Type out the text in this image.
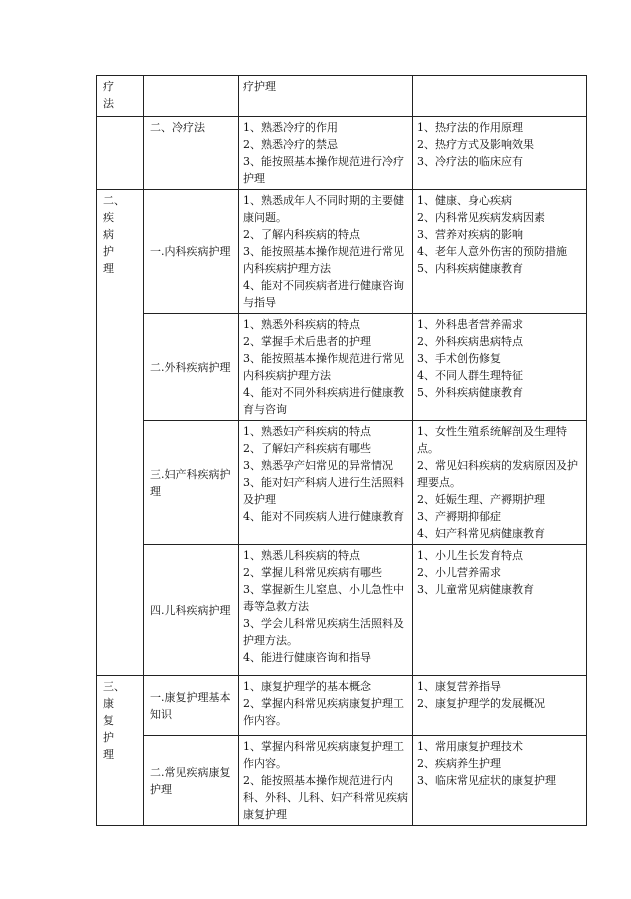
疗
法		疗护理	

	二、冷疗法	1、熟悉冷疗的作用
2、熟悉冷疗的禁忌
3、能按照基本操作规范进行冷疗护理	1、热疗法的作用原理
2、热疗方式及影响效果
3、冷疗法的临床应有

二、
疾
病
护
理	一.内科疾病护理	1、熟悉成年人不同时期的主要健康问题。
2、了解内科疾病的特点
3、能按照基本操作规范进行常见内科疾病护理方法
4、能对不同疾病者进行健康咨询与指导	1、健康、身心疾病
2、内科常见疾病发病因素
3、营养对疾病的影响
4、老年人意外伤害的预防措施
5、内科疾病健康教育

	二.外科疾病护理	1、熟悉外科疾病的特点
2、掌握手术后患者的护理
3、能按照基本操作规范进行常见内科疾病护理方法
4、能对不同外科疾病进行健康教育与咨询	1、外科患者营养需求
2、外科疾病患病特点
3、手术创伤修复
4、不同人群生理特征
5、外科疾病健康教育

	三.妇产科疾病护理	1、熟悉妇产科疾病的特点
2、了解妇产科疾病有哪些
3、熟悉孕产妇常见的异常情况
3、能对妇产科病人进行生活照料及护理
4、能对不同疾病人进行健康教育	1、女性生殖系统解剖及生理特点。
2、常见妇科疾病的发病原因及护理要点。
2、妊娠生理、产褥期护理
3、产褥期抑郁症
4、妇产科常见病健康教育

	四.儿科疾病护理	1、熟悉儿科疾病的特点
2、掌握儿科常见疾病有哪些
3、掌握新生儿窒息、小儿急性中毒等急救方法
3、学会儿科常见疾病生活照料及护理方法。
4、能进行健康咨询和指导	1、小儿生长发育特点
2、小儿营养需求
3、儿童常见病健康教育

三、
康
复
护
理	一.康复护理基本知识	1、康复护理学的基本概念
2、掌握内科常见疾病康复护理工作内容。	1、康复营养指导
2、康复护理学的发展概况

	二.常见疾病康复护理	1、掌握内科常见疾病康复护理工作内容。
2、能按照基本操作规范进行内科、外科、儿科、妇产科常见疾病康复护理	1、常用康复护理技术
2、疾病养生护理
3、临床常见症状的康复护理
